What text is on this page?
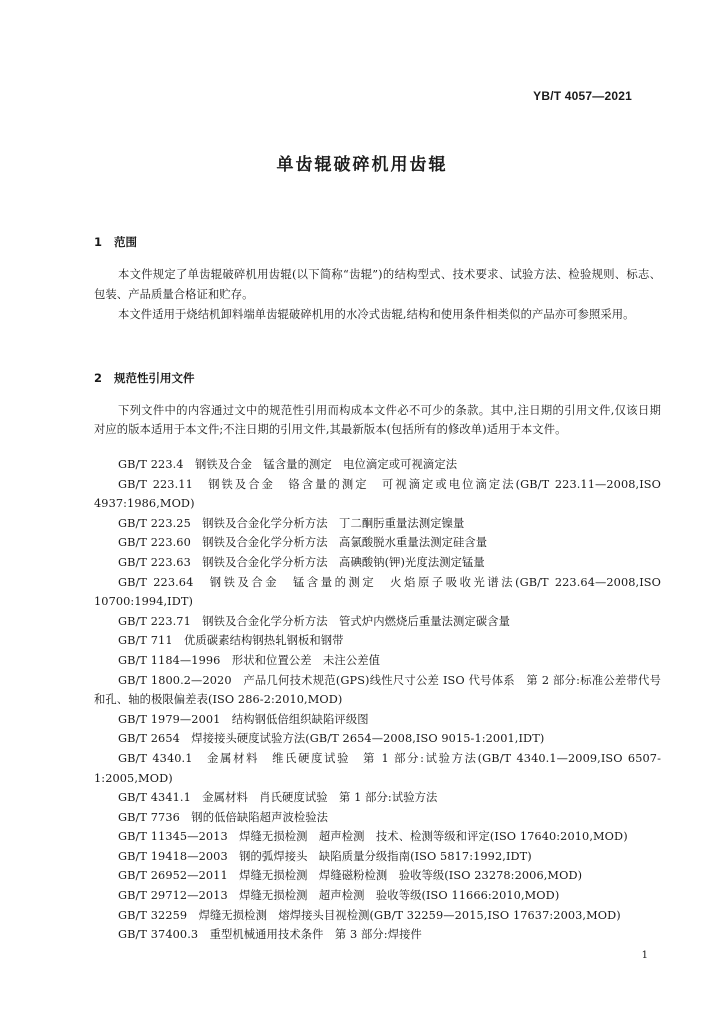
YB/T 4057—2021
单齿辊破碎机用齿辊
1 范围
本文件规定了单齿辊破碎机用齿辊(以下简称“齿辊”)的结构型式、技术要求、试验方法、检验规则、标志、包装、产品质量合格证和贮存。
本文件适用于烧结机卸料端单齿辊破碎机用的水冷式齿辊,结构和使用条件相类似的产品亦可参照采用。
2 规范性引用文件
下列文件中的内容通过文中的规范性引用而构成本文件必不可少的条款。其中,注日期的引用文件,仅该日期对应的版本适用于本文件;不注日期的引用文件,其最新版本(包括所有的修改单)适用于本文件。
GB/T 223.4　钢铁及合金　锰含量的测定　电位滴定或可视滴定法
GB/T 223.11　钢铁及合金　铬含量的测定　可视滴定或电位滴定法(GB/T 223.11—2008,ISO 4937:1986,MOD)
GB/T 223.25　钢铁及合金化学分析方法　丁二酮肟重量法测定镍量
GB/T 223.60　钢铁及合金化学分析方法　高氯酸脱水重量法测定硅含量
GB/T 223.63　钢铁及合金化学分析方法　高碘酸钠(钾)光度法测定锰量
GB/T 223.64　钢铁及合金　锰含量的测定　火焰原子吸收光谱法(GB/T 223.64—2008,ISO 10700:1994,IDT)
GB/T 223.71　钢铁及合金化学分析方法　管式炉内燃烧后重量法测定碳含量
GB/T 711　优质碳素结构钢热轧钢板和钢带
GB/T 1184—1996　形状和位置公差　未注公差值
GB/T 1800.2—2020　产品几何技术规范(GPS)线性尺寸公差 ISO 代号体系　第 2 部分:标准公差带代号和孔、轴的极限偏差表(ISO 286-2:2010,MOD)
GB/T 1979—2001　结构钢低倍组织缺陷评级图
GB/T 2654　焊接接头硬度试验方法(GB/T 2654—2008,ISO 9015-1:2001,IDT)
GB/T 4340.1　金属材料　维氏硬度试验　第 1 部分:试验方法(GB/T 4340.1—2009,ISO 6507-1:2005,MOD)
GB/T 4341.1　金属材料　肖氏硬度试验　第 1 部分:试验方法
GB/T 7736　钢的低倍缺陷超声波检验法
GB/T 11345—2013　焊缝无损检测　超声检测　技术、检测等级和评定(ISO 17640:2010,MOD)
GB/T 19418—2003　钢的弧焊接头　缺陷质量分级指南(ISO 5817:1992,IDT)
GB/T 26952—2011　焊缝无损检测　焊缝磁粉检测　验收等级(ISO 23278:2006,MOD)
GB/T 29712—2013　焊缝无损检测　超声检测　验收等级(ISO 11666:2010,MOD)
GB/T 32259　焊缝无损检测　熔焊接头目视检测(GB/T 32259—2015,ISO 17637:2003,MOD)
GB/T 37400.3　重型机械通用技术条件　第 3 部分:焊接件
1
